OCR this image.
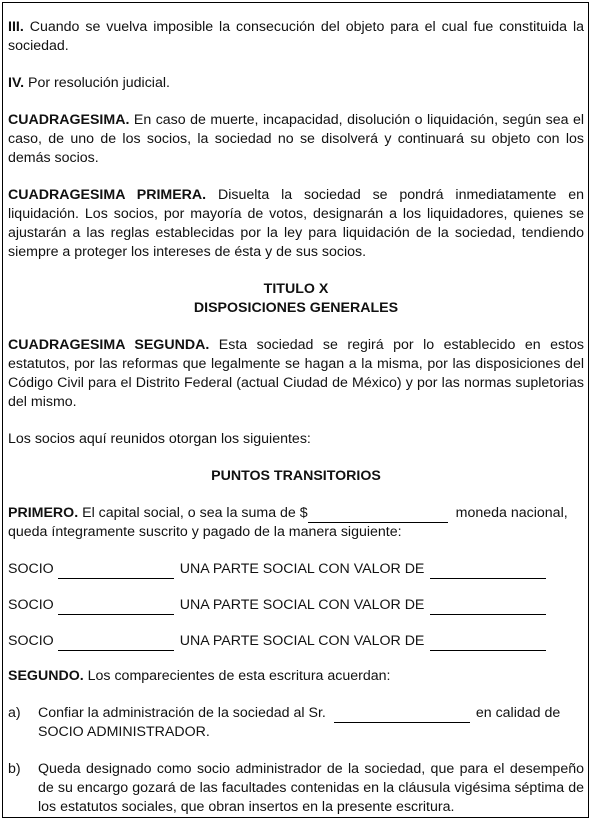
III. Cuando se vuelva imposible la consecución del objeto para el cual fue constituida la sociedad.

IV. Por resolución judicial.

CUADRAGESIMA. En caso de muerte, incapacidad, disolución o liquidación, según sea el caso, de uno de los socios, la sociedad no se disolverá y continuará su objeto con los demás socios.

CUADRAGESIMA PRIMERA. Disuelta la sociedad se pondrá inmediatamente en liquidación. Los socios, por mayoría de votos, designarán a los liquidadores, quienes se ajustarán a las reglas establecidas por la ley para liquidación de la sociedad, tendiendo siempre a proteger los intereses de ésta y de sus socios.

TITULO X

DISPOSICIONES GENERALES

CUADRAGESIMA SEGUNDA. Esta sociedad se regirá por lo establecido en estos estatutos, por las reformas que legalmente se hagan a la misma, por las disposiciones del Código Civil para el Distrito Federal (actual Ciudad de México) y por las normas supletorias del mismo.

Los socios aquí reunidos otorgan los siguientes:

PUNTOS TRANSITORIOS

PRIMERO.
El capital social, o sea la suma de $	moneda nacional,

queda íntegramente suscrito y pagado de la manera siguiente:

SOCIO	UNA PARTE SOCIAL CON VALOR DE
SOCIO	UNA PARTE SOCIAL CON VALOR DE
SOCIO	UNA PARTE SOCIAL CON VALOR DE

SEGUNDO. Los comparecientes de esta escritura acuerdan:

a)	Confiar la administración de la sociedad al Sr.	en calidad de

SOCIO ADMINISTRADOR.

b)	Queda designado como socio administrador de la sociedad, que para el desempeño de su encargo gozará de las facultades contenidas en la cláusula vigésima séptima de los estatutos sociales, que obran insertos en la presente escritura.
